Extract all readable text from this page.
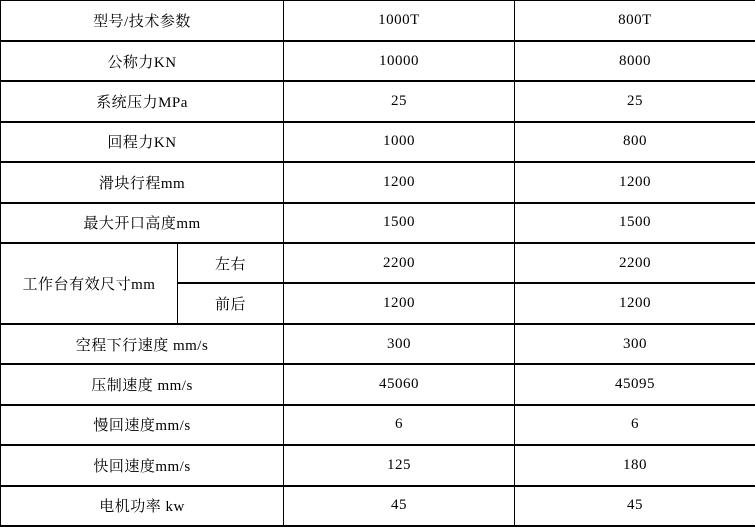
型号/技术参数		1000T	800T
公称力KN		10000	8000
系统压力MPa		25	25
回程力KN		1000	800
滑块行程mm		1200	1200
最大开口高度mm		1500	1500
工作台有效尺寸mm	左右	2200	2200
	前后	1200	1200
空程下行速度 mm/s		300	300
压制速度 mm/s		45060	45095
慢回速度mm/s		6	6
快回速度mm/s		125	180
电机功率 kw		45	45
